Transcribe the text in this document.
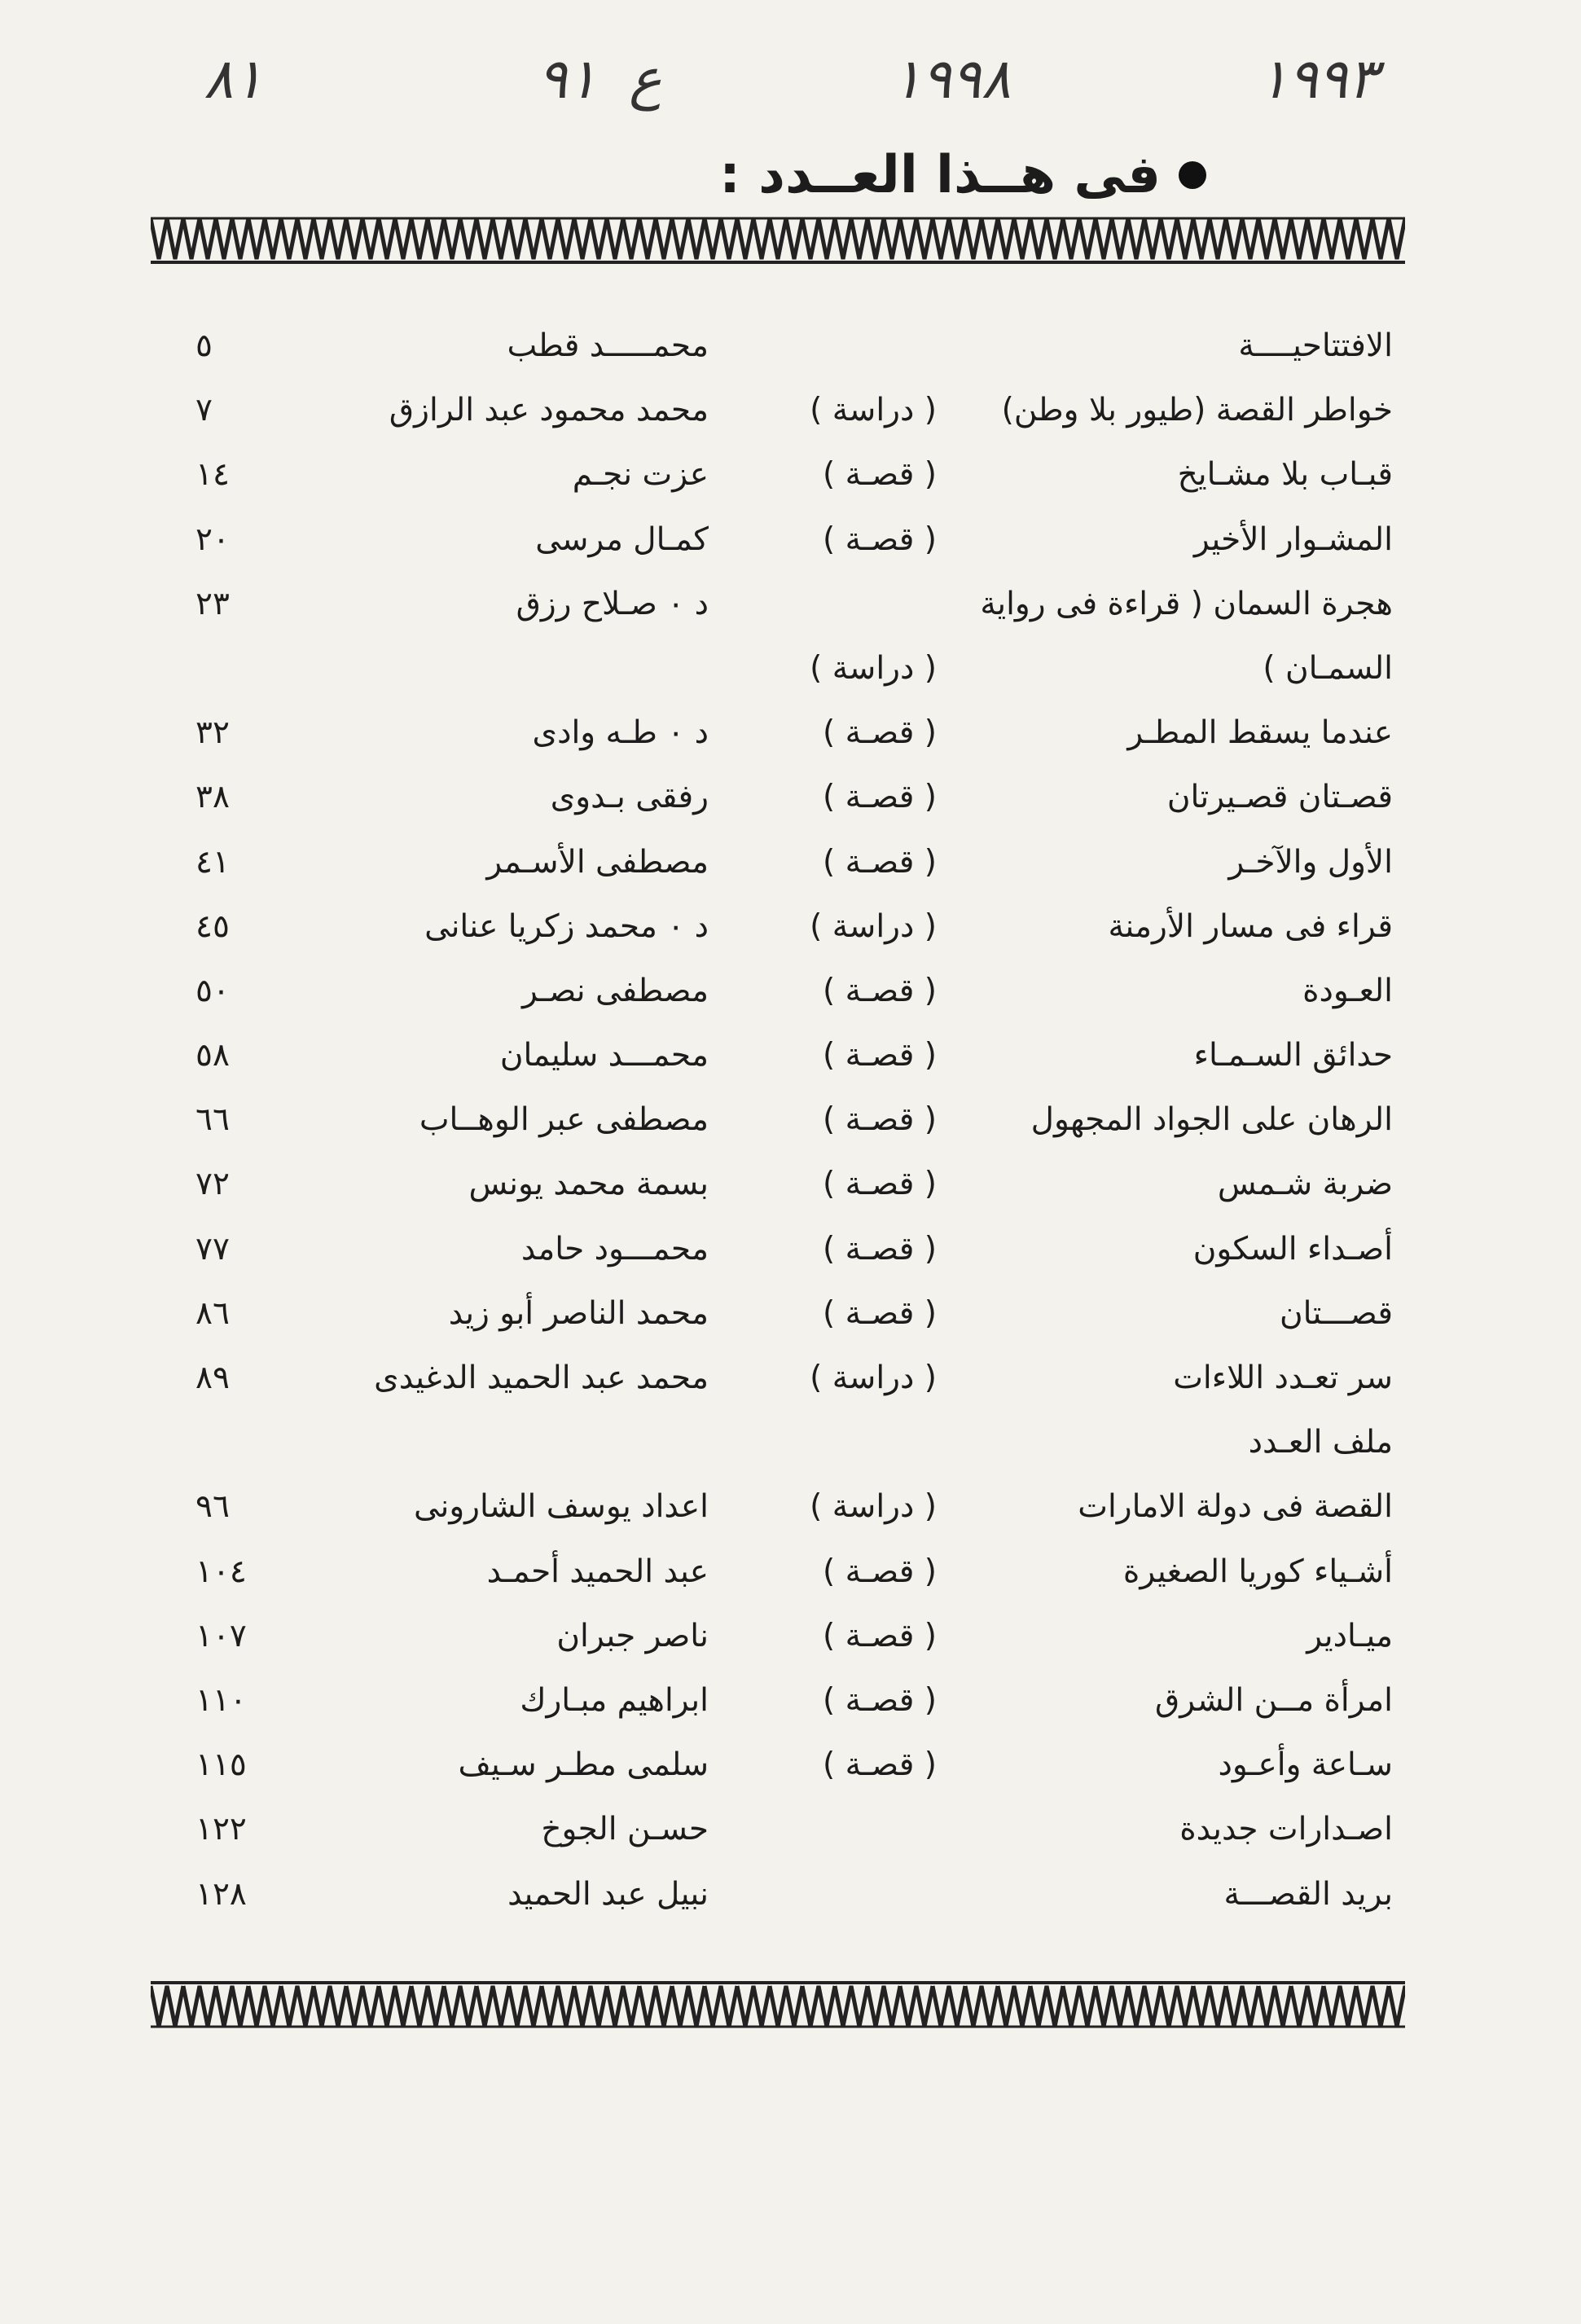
١٩٩٣
١٩٩٨
ع
٩١
٨١
فى هــذا العــدد :
الافتتاحيــــة
محمـــــد قطب
٥
خواطر القصة (طيور بلا وطن)
( دراسة )
محمد محمود عبد الرازق
٧
قبـاب بلا مشـايخ
( قصـة )
عزت نجـم
١٤
المشـوار الأخير
( قصـة )
كمـال مرسى
٢٠
هجرة السمان ( قراءة فى رواية
د ٠ صـلاح رزق
٢٣
السمـان )
( دراسة )
عندما يسقط المطـر
( قصـة )
د ٠ طـه وادى
٣٢
قصـتان قصـيرتان
( قصـة )
رفقى بـدوى
٣٨
الأول والآخـر
( قصـة )
مصطفى الأسـمر
٤١
قراء فى مسار الأرمنة
( دراسة )
د ٠ محمد زكريا عنانى
٤٥
العـودة
( قصـة )
مصطفى نصـر
٥٠
حدائق السـمـاء
( قصـة )
محمـــد سليمان
٥٨
الرهان على الجواد المجهول
( قصـة )
مصطفى عبر الوهــاب
٦٦
ضربة شـمس
( قصـة )
بسمة محمد يونس
٧٢
أصـداء السكون
( قصـة )
محمـــود حامد
٧٧
قصـــتان
( قصـة )
محمد الناصر أبو زيد
٨٦
سر تعـدد اللاءات
( دراسة )
محمد عبد الحميد الدغيدى
٨٩
ملف العـدد
القصة فى دولة الامارات
( دراسة )
اعداد يوسف الشارونى
٩٦
أشـياء كوريا الصغيرة
( قصـة )
عبد الحميد أحمـد
١٠٤
ميـادير
( قصـة )
ناصر جبران
١٠٧
امرأة مــن الشرق
( قصـة )
ابراهيم مبـارك
١١٠
سـاعة وأعـود
( قصـة )
سلمى مطـر سـيف
١١٥
اصـدارات جديدة
حسـن الجوخ
١٢٢
بريد القصـــة
نبيل عبد الحميد
١٢٨
